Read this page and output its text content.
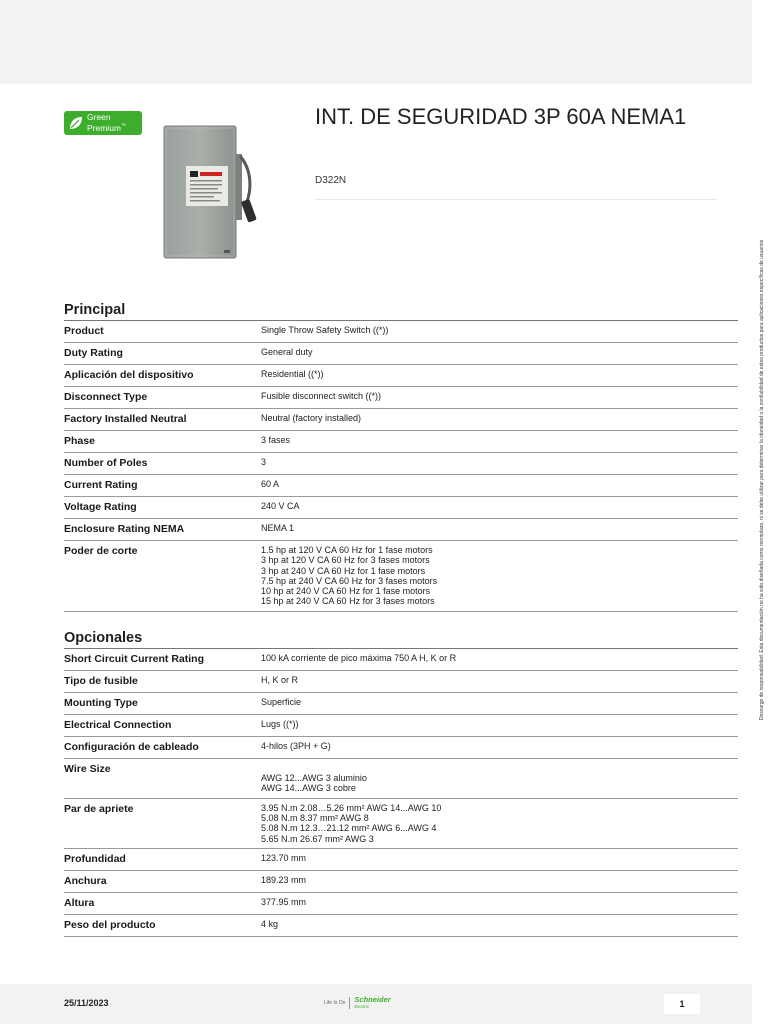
Green
Premium™	INT. DE SEGURIDAD 3P 60A NEMA1
D322N
Principal
Product	Single Throw Safety Switch ((*))
Duty Rating	General duty
Aplicación del dispositivo	Residential ((*))
Disconnect Type	Fusible disconnect switch ((*))
Factory Installed Neutral	Neutral (factory installed)
Phase	3 fases
Number of Poles	3
Current Rating	60 A
Voltage Rating	240 V CA
Enclosure Rating NEMA	NEMA 1
Poder de corte	1.5 hp at 120 V CA 60 Hz for 1 fase motors
3 hp at 120 V CA 60 Hz for 3 fases motors
3 hp at 240 V CA 60 Hz for 1 fase motors
7.5 hp at 240 V CA 60 Hz for 3 fases motors
10 hp at 240 V CA 60 Hz for 1 fase motors
15 hp at 240 V CA 60 Hz for 3 fases motors
Opcionales
Short Circuit Current Rating	100 kA corriente de pico máxima 750 A H, K or R
Tipo de fusible	H, K or R
Mounting Type	Superficie
Electrical Connection	Lugs ((*))
Configuración de cableado	4-hilos (3PH + G)
Wire Size
AWG 12...AWG 3 aluminio
AWG 14...AWG 3 cobre
Par de apriete	3.95 N.m 2.08…5.26 mm² AWG 14...AWG 10
5.08 N.m 8.37 mm² AWG 8
5.08 N.m 12.3…21.12 mm² AWG 6...AWG 4
5.65 N.m 26.67 mm² AWG 3
Profundidad	123.70 mm
Anchura	189.23 mm
Altura	377.95 mm
Peso del producto	4 kg
Descargo de responsabilidad: Esta documentación no ha sido diseñada como reemplazo, ni se debe utilizar para determinar la idoneidad o la confiabilidad de estos productos para aplicaciones específicas de usuarios
25/11/2023	Life Is On Schneider
Electric	1
